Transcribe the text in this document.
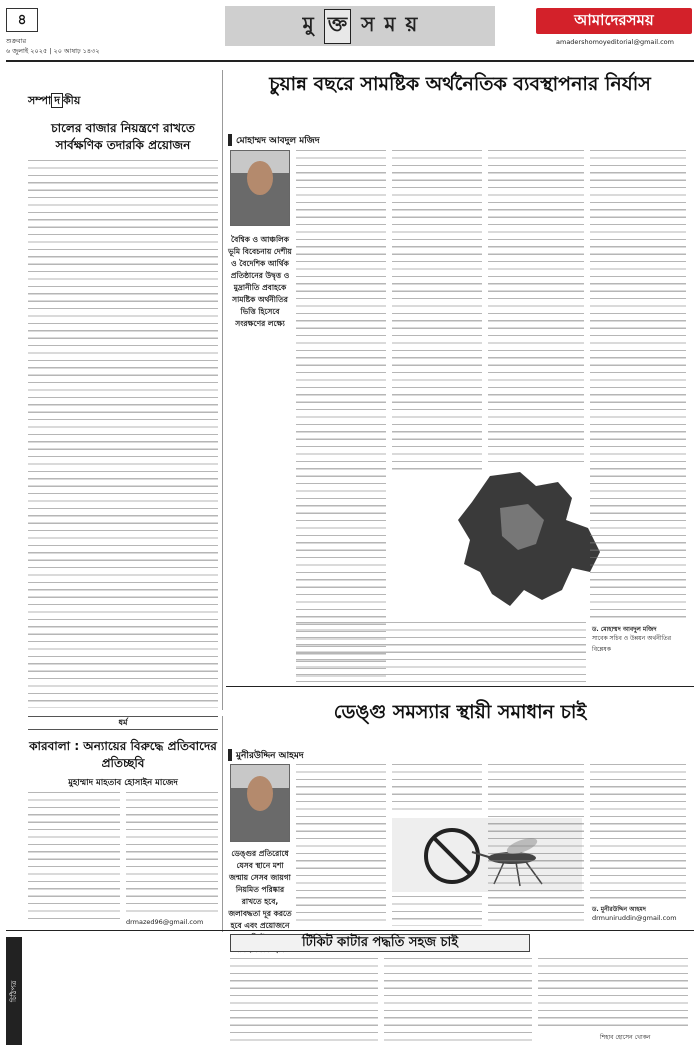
৪
শুক্রবার
৬ জুলাই ২০২৫ | ২০ আষাঢ় ১৪৩২
মু ক্ত স ম য়	আমাদেরসময়
amadershomoyeditorial@gmail.com
সম্পা দ কীয়
চালের বাজার নিয়ন্ত্রণে রাখতে সার্বক্ষণিক তদারকি প্রয়োজন
চুয়ান্ন বছরে সামষ্টিক অর্থনৈতিক ব্যবস্থাপনার নির্যাস
মোহাম্মদ আবদুল মজিদ
বৈশ্বিক ও আঞ্চলিক ভূমি বিবেচনায় দেশীয় ও বৈদেশিক আর্থিক প্রতিষ্ঠানের উদ্বৃত্ত ও মুদ্রানীতি প্রবাহকে সামষ্টিক অর্থনীতির ভিত্তি হিসেবে সংরক্ষণের লক্ষ্যে
ড. মোহাম্মদ আবদুল মজিদ
সাবেক সচিব ও উন্নয়ন অর্থনীতির বিশ্লেষক
ডেঙ্গু সমস্যার স্থায়ী সমাধান চাই
মুনীরউদ্দিন আহমদ
ডেঙ্গুর প্রতিরোধে যেসব স্থানে মশা জন্মায় সেসব জায়গা নিয়মিত পরিষ্কার রাখতে হবে, জলাবদ্ধতা দূর করতে হবে এবং প্রয়োজনে
ড. মুনীরউদ্দিন আহমদ
drmuniruddin@gmail.com
ধর্ম
কারবালা : অন্যায়ের বিরুদ্ধে প্রতিবাদের প্রতিচ্ছবি
মুহাম্মাদ মাহতাব হোসাইন মাজেদ
drmazed96@gmail.com
চিঠিপত্র
টিকিট কাটার পদ্ধতি সহজ চাই
শিহাব হোসেন খোকন
